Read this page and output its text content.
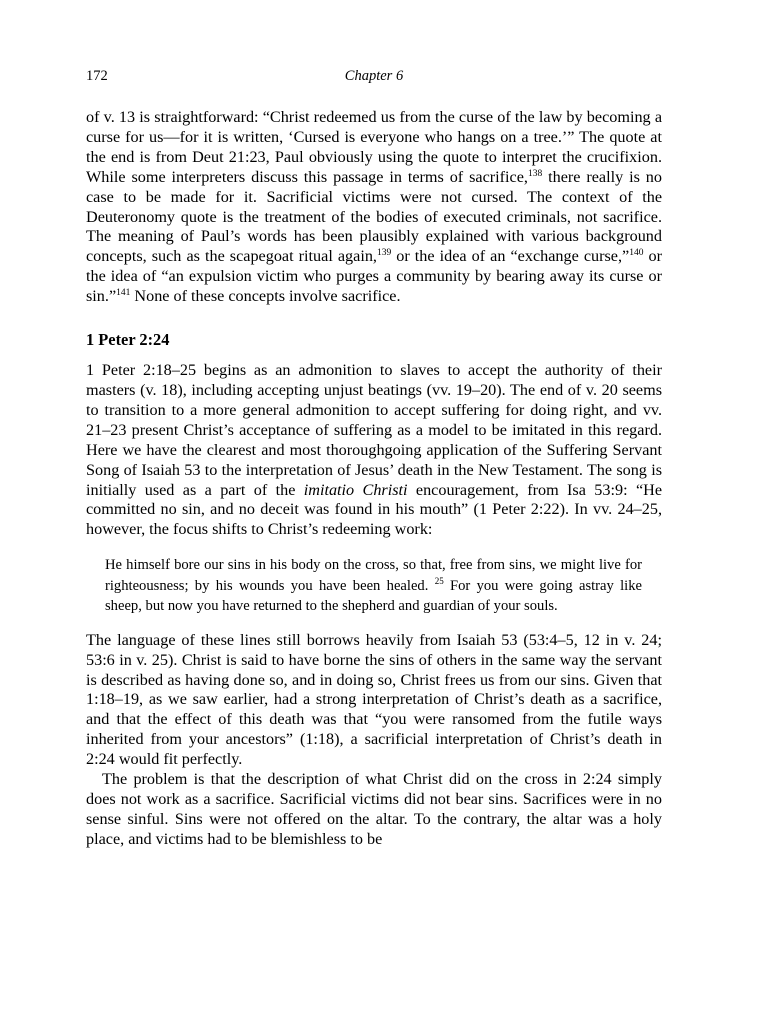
172	Chapter 6

of v. 13 is straightforward: “Christ redeemed us from the curse of the law by becoming a curse for us—for it is written, ‘Cursed is everyone who hangs on a tree.’” The quote at the end is from Deut 21:23, Paul obviously using the quote to interpret the crucifixion. While some interpreters discuss this passage in terms of sacrifice,$^{138}$ there really is no case to be made for it. Sacrificial victims were not cursed. The context of the Deuteronomy quote is the treatment of the bodies of executed criminals, not sacrifice. The meaning of Paul’s words has been plausibly explained with various background concepts, such as the scapegoat ritual again,$^{139}$ or the idea of an “exchange curse,”$^{140}$ or the idea of “an expulsion victim who purges a community by bearing away its curse or sin.”$^{141}$ None of these concepts involve sacrifice.

1 Peter 2:24

1 Peter 2:18–25 begins as an admonition to slaves to accept the authority of their masters (v. 18), including accepting unjust beatings (vv. 19–20). The end of v. 20 seems to transition to a more general admonition to accept suffering for doing right, and vv. 21–23 present Christ’s acceptance of suffering as a model to be imitated in this regard. Here we have the clearest and most thoroughgoing application of the Suffering Servant Song of Isaiah 53 to the interpretation of Jesus’ death in the New Testament. The song is initially used as a part of the imitatio Christi encouragement, from Isa 53:9: “He committed no sin, and no deceit was found in his mouth” (1 Peter 2:22). In vv. 24–25, however, the focus shifts to Christ’s redeeming work:

He himself bore our sins in his body on the cross, so that, free from sins, we might live for righteousness; by his wounds you have been healed. $^{25}$ For you were going astray like sheep, but now you have returned to the shepherd and guardian of your souls.

The language of these lines still borrows heavily from Isaiah 53 (53:4–5, 12 in v. 24; 53:6 in v. 25). Christ is said to have borne the sins of others in the same way the servant is described as having done so, and in doing so, Christ frees us from our sins. Given that 1:18–19, as we saw earlier, had a strong interpretation of Christ’s death as a sacrifice, and that the effect of this death was that “you were ransomed from the futile ways inherited from your ancestors” (1:18), a sacrificial interpretation of Christ’s death in 2:24 would fit perfectly.

The problem is that the description of what Christ did on the cross in 2:24 simply does not work as a sacrifice. Sacrificial victims did not bear sins. Sacrifices were in no sense sinful. Sins were not offered on the altar. To the contrary, the altar was a holy place, and victims had to be blemishless to be
